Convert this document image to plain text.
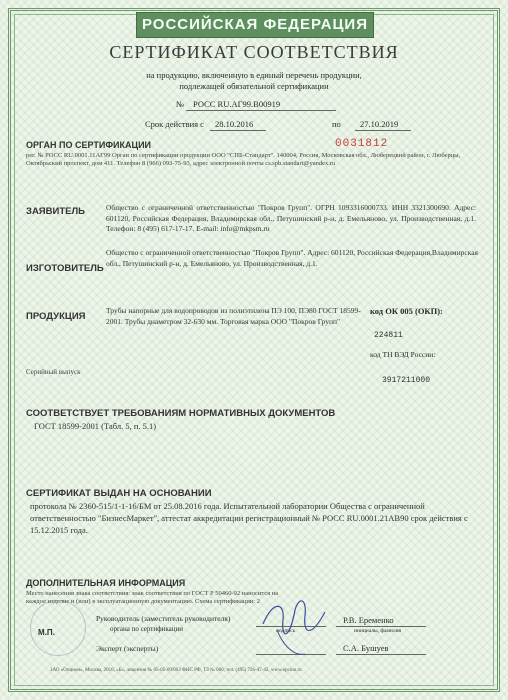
РОССИЙСКАЯ ФЕДЕРАЦИЯ
СЕРТИФИКАТ СООТВЕТСТВИЯ
на продукцию, включенную в единый перечень продукции,
подлежащей обязательной сертификации
№ РОСС RU.АГ99.В00919
Срок действия с 28.10.2016	по 27.10.2019
0031812
ОРГАН ПО СЕРТИФИКАЦИИ
рег. № РОСС RU.0001.11АГ99 Орган по сертификации продукции ООО "СПБ-Стандарт". 140004, Россия, Московская обл., Люберецкий район, г. Люберцы, Октябрьский проспект, дом 411. Телефон 8 (966) 093-75-93, адрес электронной почты cs.spb.standart@yandex.ru
ЗАЯВИТЕЛЬ	Общество с ограниченной ответственностью "Покров Групп". ОГРН 1093316000733. ИНН 3321300690. Адрес: 601120, Российская Федерация, Владимирская обл., Петушинский р-н, д. Емельяново, ул. Производственная, д.1. Телефон: 8 (495) 617-17-17. E-mail: info@mkpsm.ru
ИЗГОТОВИТЕЛЬ
Общество с ограниченной ответственностью "Покров Групп". Адрес: 601120, Российская Федерация,Владимирская обл., Петушинский р-н, д. Емельяново, ул. Производственная, д.1.
ПРОДУКЦИЯ
Трубы напорные для водопроводов из полиэтилена ПЭ 100, ПЭ80 ГОСТ 18599-2001. Трубы диаметром 32-630 мм. Торговая марка ООО "Покров Групп"
код ОК 005 (ОКП):
224811
код ТН ВЭД России:
3917211000
Серийный выпуск
СООТВЕТСТВУЕТ ТРЕБОВАНИЯМ НОРМАТИВНЫХ ДОКУМЕНТОВ
ГОСТ 18599-2001 (Табл. 5, п. 5.1)
СЕРТИФИКАТ ВЫДАН НА ОСНОВАНИИ
протокола № 2360-515/1-1-16/БМ от 25.08.2016 года. Испытательной лаборатории Общества с ограниченной ответственностью "БизнесМаркет", аттестат аккредитации регистрационный № РОСС RU.0001.21АВ90 срок действия с 15.12.2015 года.
ДОПОЛНИТЕЛЬНАЯ ИНФОРМАЦИЯ
Место нанесения знака соответствия: знак соответствия по ГОСТ Р 50460-92 наносится на каждое изделие и (или) в эксплуатационную документацию. Схема сертификации: 2
М.П.
Руководитель (заместитель руководителя)
органа по сертификации	подпись
Р.В. Еременко
инициалы, фамилия
Эксперт (эксперты)	С.А. Бушуев
ЗАО «Опцион», Москва, 2016, «Б», лицензия № 05-05-09/003 ФНС РФ, ТЗ № 080, тел. (495) 726-47-42, www.opcion.ru
